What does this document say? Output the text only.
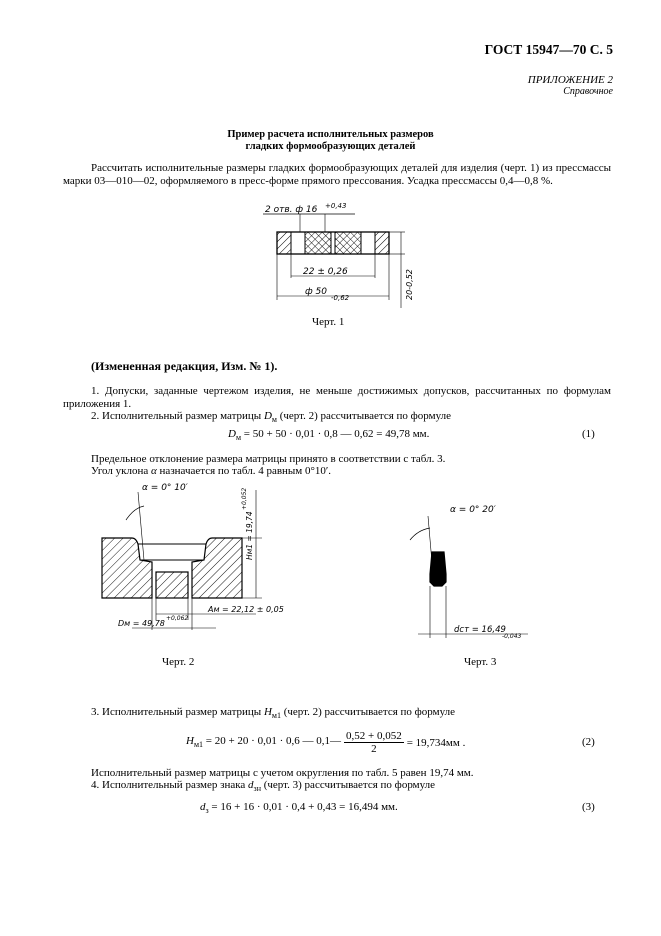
ГОСТ 15947—70 С. 5
ПРИЛОЖЕНИЕ 2
Справочное
Пример расчета исполнительных размеров
гладких формообразующих деталей
Рассчитать исполнительные размеры гладких формообразующих деталей для изделия (черт. 1) из прессмассы марки 03—010—02, оформляемого в пресс-форме прямого прессования. Усадка прессмассы 0,4—0,8 %.
2 отв. ф 16 +0,43
22 ± 0,26
ф 50
-0,62	20-0,52
Черт. 1
(Измененная редакция, Изм. № 1).
1. Допуски, заданные чертежом изделия, не меньше достижимых допусков, рассчитанных по формулам приложения 1.
2. Исполнительный размер матрицы $D_м$ (черт. 2) рассчитывается по формуле
$D_м = 50 + 50 \cdot 0,01 \cdot 0,8$ — 0,62 = 49,78 мм.	(1)
Предельное отклонение размера матрицы принято в соответствии с табл. 3.
Угол уклона α назначается по табл. 4 равным 0°10′.
α = 0° 10′
Aм = 22,12 ± 0,05
Dм = 49,78
+0,062
Hм1 = 19,74
+0,052
Черт. 2
α = 0° 20′
dст = 16,49
-0,043
Черт. 3
3. Исполнительный размер матрицы $H_{м1}$ (черт. 2) рассчитывается по формуле
$H_{м1} = 20 + 20 \cdot 0,01 \cdot 0,6$ — 0,1— $\frac{0,52 + 0,052}{2} = 19,734мм$ .	(2)
Исполнительный размер матрицы с учетом округления по табл. 5 равен 19,74 мм.
4. Исполнительный размер знака $d_{зн}$ (черт. 3) рассчитывается по формуле
$d_з = 16 + 16 \cdot 0,01 \cdot 0,4 + 0,43 = 16,494$ мм.	(3)
